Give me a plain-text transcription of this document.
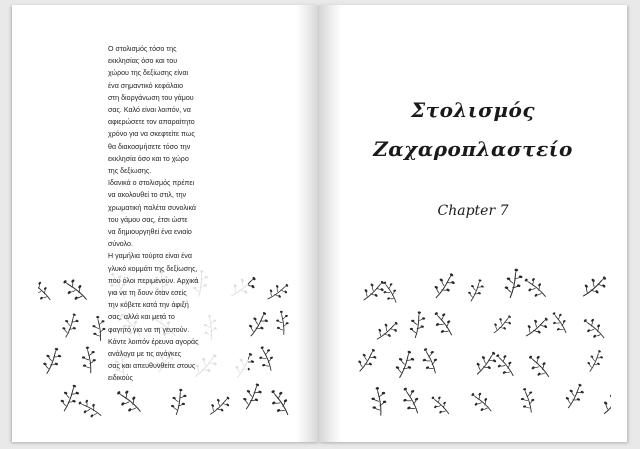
Ο στολισμός τόσο της
εκκλησίας όσο και του
χώρου της δεξίωσης είναι
ένα σημαντικό κεφάλαιο
στη διοργάνωση του γάμου
σας. Καλό είναι λοιπόν, να
αφιερώσετε τον απαραίτητο
χρόνο για να σκεφτείτε πως
θα διακοσμήσετε τόσο την
εκκλησία όσο και το χώρο
της δεξίωσης.
Ιδανικά ο στολισμός πρέπει
να ακολουθεί το στιλ, την
χρωματική παλέτα συνολικά
του γάμου σας, έτσι ώστε
να δημιουργηθεί ένα ενιαίο
σύνολο.
Η γαμήλια τούρτα είναι ένα
γλυκό κομμάτι της δεξίωσης,
που όλοι περιμένουν. Αρχικά
για να τη δουν όταν εσείς
την κόβετε κατά την άφιξή
σας, αλλά και μετά το
φαγητό για να τη γευτούν.
Κάντε λοιπόν έρευνα αγοράς
ανάλογα με τις ανάγκες
σας και απευθυνθείτε στους
ειδικούς
Στολισμός
Ζαχαροπλαστείο
Chapter 7
